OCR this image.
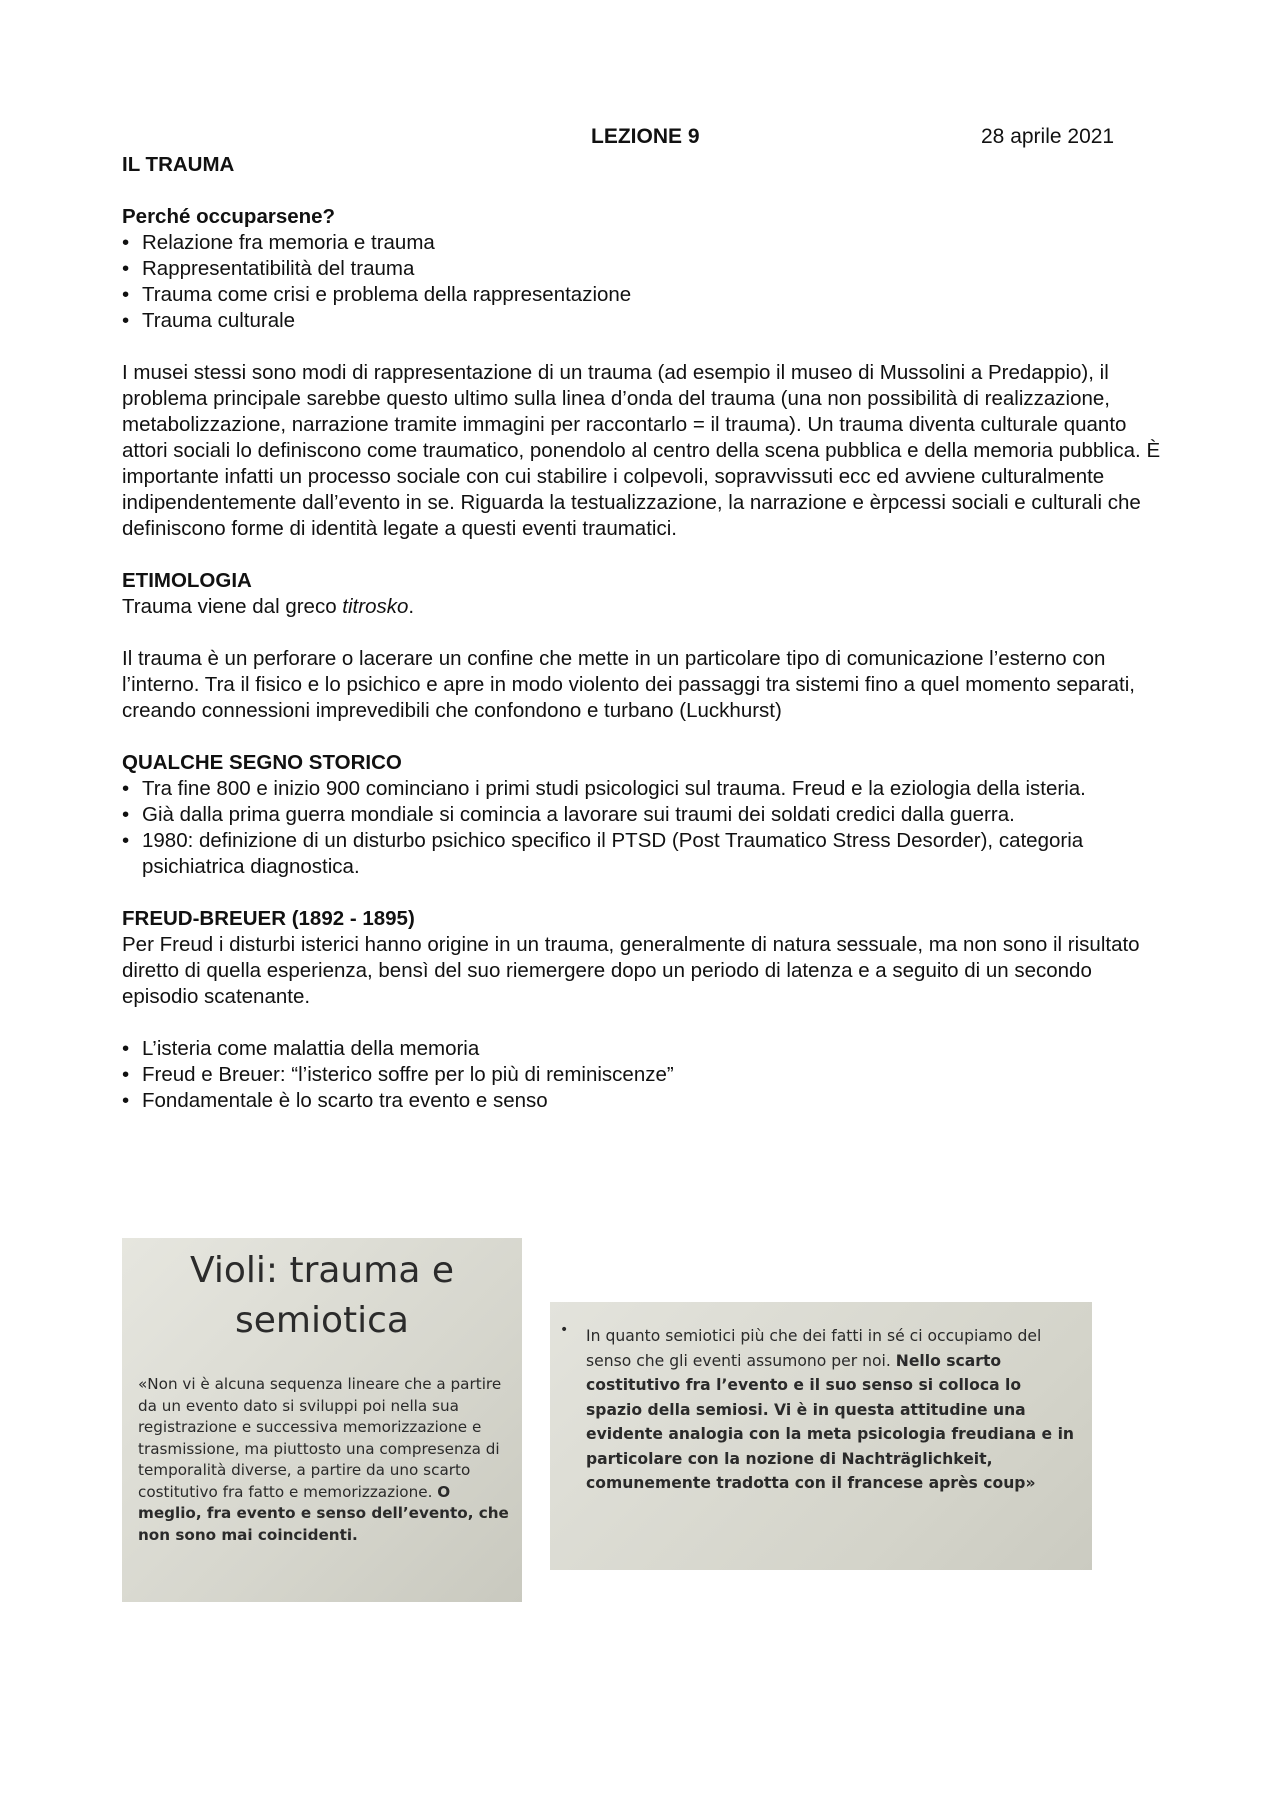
LEZIONE 9	28 aprile 2021

IL TRAUMA

Perché occuparsene?

• Relazione fra memoria e trauma
• Rappresentatibilità del trauma
• Trauma come crisi e problema della rappresentazione
• Trauma culturale

I musei stessi sono modi di rappresentazione di un trauma (ad esempio il museo di Mussolini a Predappio), il problema principale sarebbe questo ultimo sulla linea d’onda del trauma (una non possibilità di realizzazione, metabolizzazione, narrazione tramite immagini per raccontarlo = il trauma). Un trauma diventa culturale quanto attori sociali lo definiscono come traumatico, ponendolo al centro della scena pubblica e della memoria pubblica. È importante infatti un processo sociale con cui stabilire i colpevoli, sopravvissuti ecc ed avviene culturalmente indipendentemente dall’evento in se. Riguarda la testualizzazione, la narrazione e èrpcessi sociali e culturali che definiscono forme di identità legate a questi eventi traumatici.

ETIMOLOGIA

Trauma viene dal greco titrosko.

Il trauma è un perforare o lacerare un confine che mette in un particolare tipo di comunicazione l’esterno con l’interno. Tra il fisico e lo psichico e apre in modo violento dei passaggi tra sistemi fino a quel momento separati, creando connessioni imprevedibili che confondono e turbano (Luckhurst)

QUALCHE SEGNO STORICO

• Tra fine 800 e inizio 900 cominciano i primi studi psicologici sul trauma. Freud e la eziologia della isteria.
• Già dalla prima guerra mondiale si comincia a lavorare sui traumi dei soldati credici dalla guerra.
• 1980: definizione di un disturbo psichico specifico il PTSD (Post Traumatico Stress Desorder), categoria psichiatrica diagnostica.

FREUD-BREUER (1892 - 1895)

Per Freud i disturbi isterici hanno origine in un trauma, generalmente di natura sessuale, ma non sono il risultato diretto di quella esperienza, bensì del suo riemergere dopo un periodo di latenza e a seguito di un secondo episodio scatenante.

• L’isteria come malattia della memoria
• Freud e Breuer: “l’isterico soffre per lo più di reminiscenze”
• Fondamentale è lo scarto tra evento e senso
Violi: trauma e
semiotica
«Non vi è alcuna sequenza lineare che a partire da un evento dato si sviluppi poi nella sua registrazione e successiva memorizzazione e trasmissione, ma piuttosto una compresenza di temporalità diverse, a partire da uno scarto costitutivo fra fatto e memorizzazione. O meglio, fra evento e senso dell’evento, che non sono mai coincidenti.
• In quanto semiotici più che dei fatti in sé ci occupiamo del senso che gli eventi assumono per noi. Nello scarto costitutivo fra l’evento e il suo senso si colloca lo spazio della semiosi. Vi è in questa attitudine una evidente analogia con la meta psicologia freudiana e in particolare con la nozione di Nachträglichkeit, comunemente tradotta con il francese après coup»
